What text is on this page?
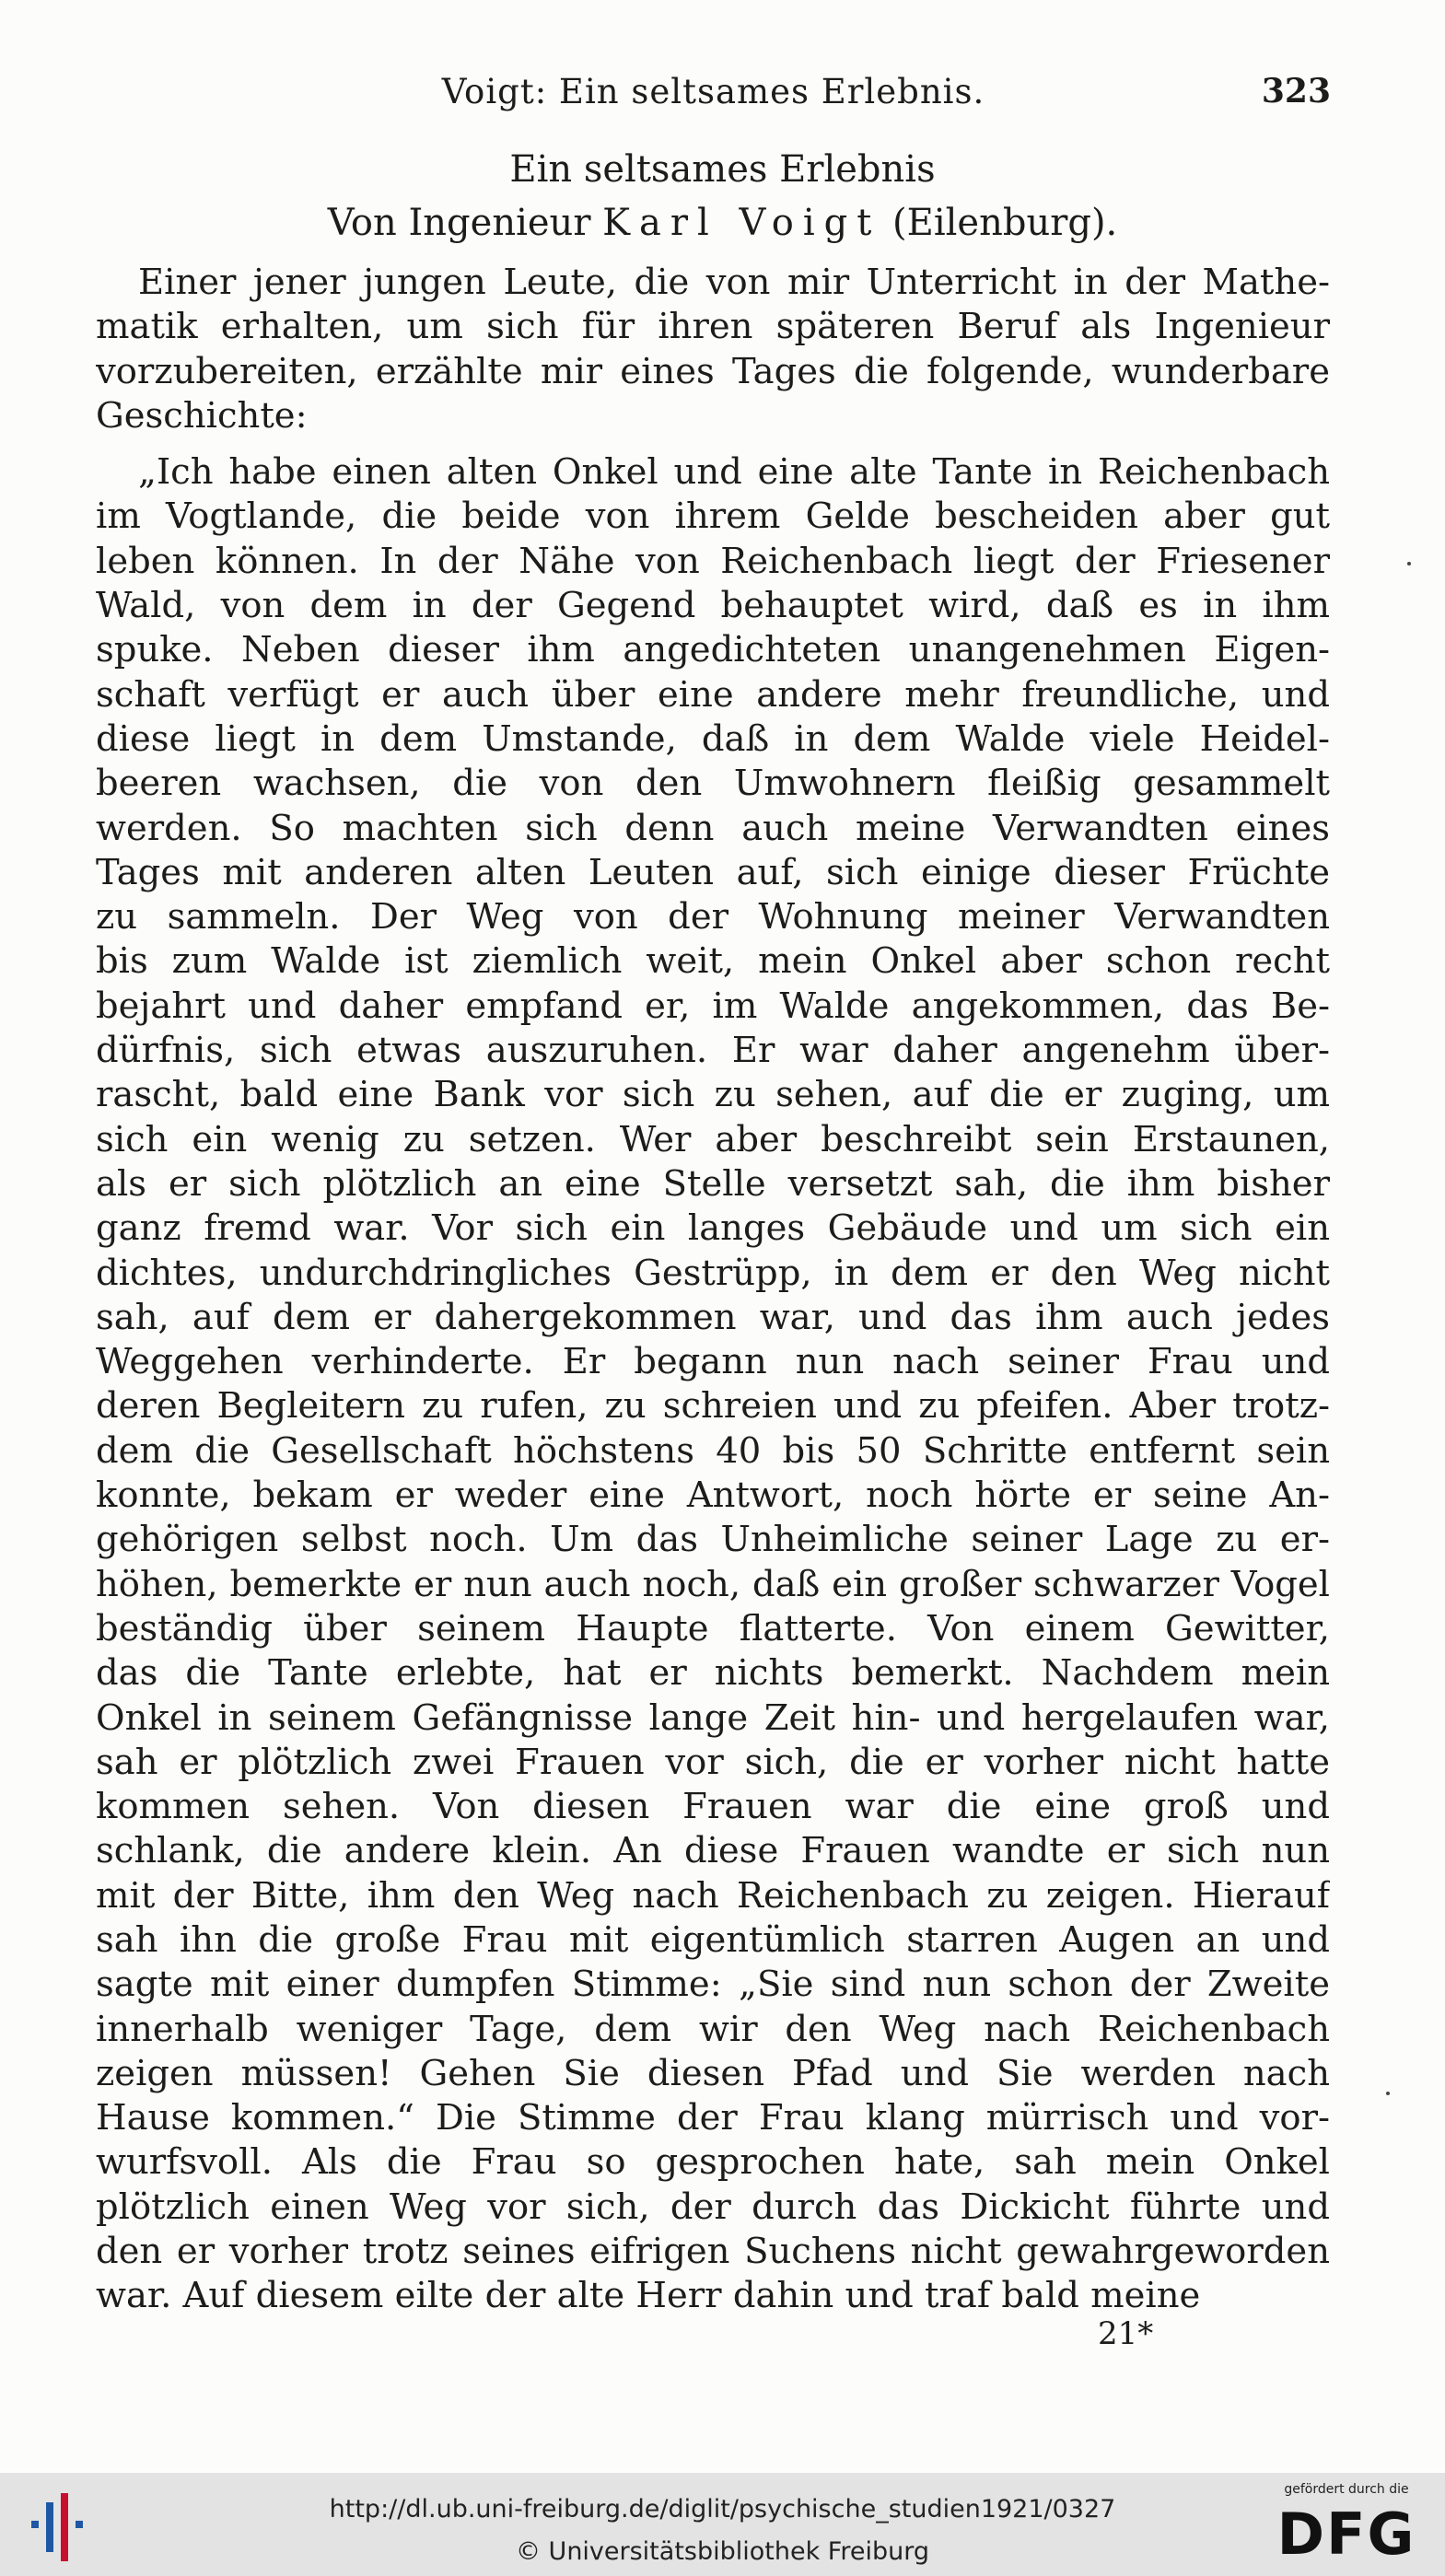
Voigt: Ein seltsames Erlebnis.	323
Ein seltsames Erlebnis
Von Ingenieur Karl Voigt (Eilenburg).

Einer jener jungen Leute, die von mir Unterricht in der Mathe-
matik erhalten, um sich für ihren späteren Beruf als Ingenieur
vorzubereiten, erzählte mir eines Tages die folgende, wunderbare
Geschichte:

„Ich habe einen alten Onkel und eine alte Tante in Reichenbach
im Vogtlande, die beide von ihrem Gelde bescheiden aber gut
leben können. In der Nähe von Reichenbach liegt der Friesener
Wald, von dem in der Gegend behauptet wird, daß es in ihm
spuke. Neben dieser ihm angedichteten unangenehmen Eigen-
schaft verfügt er auch über eine andere mehr freundliche, und
diese liegt in dem Umstande, daß in dem Walde viele Heidel-
beeren wachsen, die von den Umwohnern fleißig gesammelt
werden. So machten sich denn auch meine Verwandten eines
Tages mit anderen alten Leuten auf, sich einige dieser Früchte
zu sammeln. Der Weg von der Wohnung meiner Verwandten
bis zum Walde ist ziemlich weit, mein Onkel aber schon recht
bejahrt und daher empfand er, im Walde angekommen, das Be-
dürfnis, sich etwas auszuruhen. Er war daher angenehm über-
rascht, bald eine Bank vor sich zu sehen, auf die er zuging, um
sich ein wenig zu setzen. Wer aber beschreibt sein Erstaunen,
als er sich plötzlich an eine Stelle versetzt sah, die ihm bisher
ganz fremd war. Vor sich ein langes Gebäude und um sich ein
dichtes, undurchdringliches Gestrüpp, in dem er den Weg nicht
sah, auf dem er dahergekommen war, und das ihm auch jedes
Weggehen verhinderte. Er begann nun nach seiner Frau und
deren Begleitern zu rufen, zu schreien und zu pfeifen. Aber trotz-
dem die Gesellschaft höchstens 40 bis 50 Schritte entfernt sein
konnte, bekam er weder eine Antwort, noch hörte er seine An-
gehörigen selbst noch. Um das Unheimliche seiner Lage zu er-
höhen, bemerkte er nun auch noch, daß ein großer schwarzer Vogel
beständig über seinem Haupte flatterte. Von einem Gewitter,
das die Tante erlebte, hat er nichts bemerkt. Nachdem mein
Onkel in seinem Gefängnisse lange Zeit hin- und hergelaufen war,
sah er plötzlich zwei Frauen vor sich, die er vorher nicht hatte
kommen sehen. Von diesen Frauen war die eine groß und
schlank, die andere klein. An diese Frauen wandte er sich nun
mit der Bitte, ihm den Weg nach Reichenbach zu zeigen. Hierauf
sah ihn die große Frau mit eigentümlich starren Augen an und
sagte mit einer dumpfen Stimme: „Sie sind nun schon der Zweite
innerhalb weniger Tage, dem wir den Weg nach Reichenbach
zeigen müssen! Gehen Sie diesen Pfad und Sie werden nach
Hause kommen.“ Die Stimme der Frau klang mürrisch und vor-
wurfsvoll. Als die Frau so gesprochen hate, sah mein Onkel
plötzlich einen Weg vor sich, der durch das Dickicht führte und
den er vorher trotz seines eifrigen Suchens nicht gewahrgeworden
war. Auf diesem eilte der alte Herr dahin und traf bald meine

21*
http://dl.ub.uni-freiburg.de/diglit/psychische_studien1921/0327
© Universitätsbibliothek Freiburg
gefördert durch die
DFG
